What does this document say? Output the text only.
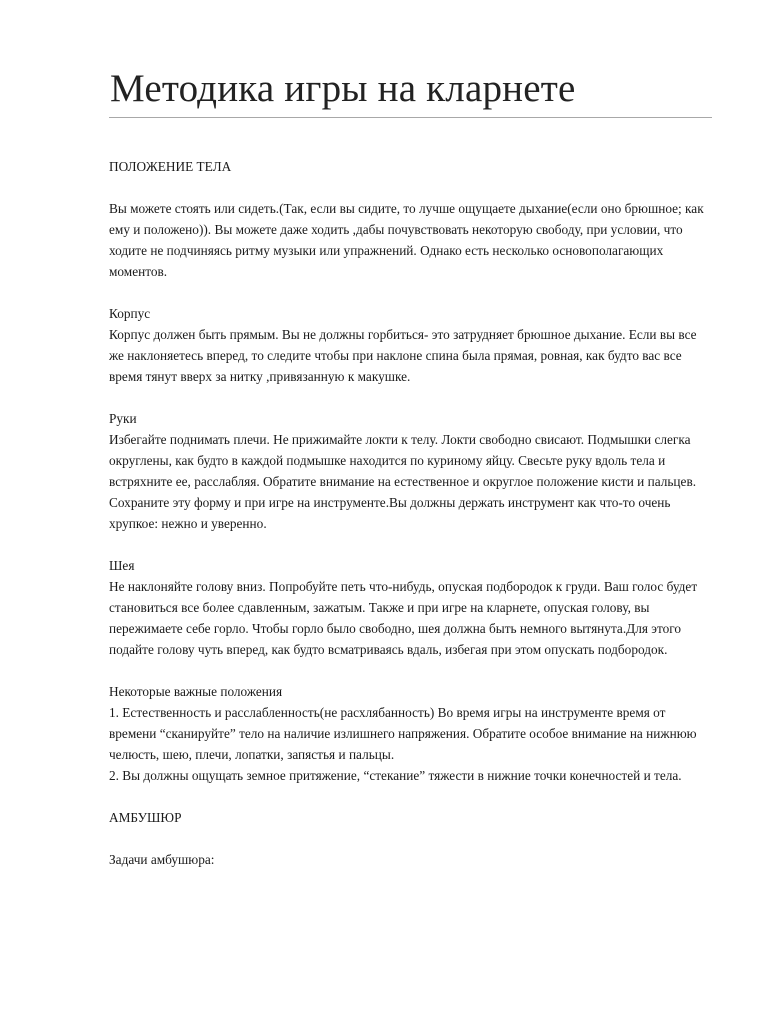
Методика игры на кларнете

ПОЛОЖЕНИЕ ТЕЛА

Вы можете стоять или сидеть.(Так, если вы сидите, то лучше ощущаете дыхание(если оно брюшное; как ему и положено)). Вы можете даже ходить ,дабы почувствовать некоторую свободу, при условии, что ходите не подчиняясь ритму музыки или упражнений. Однако есть несколько основополагающих моментов.

Корпус

Корпус должен быть прямым. Вы не должны горбиться- это затрудняет брюшное дыхание. Если вы все же наклоняетесь вперед, то следите чтобы при наклоне спина была прямая, ровная, как будто вас все время тянут вверх за нитку ,привязанную к макушке.

Руки

Избегайте поднимать плечи. Не прижимайте локти к телу. Локти свободно свисают. Подмышки слегка округлены, как будто в каждой подмышке находится по куриному яйцу. Свесьте руку вдоль тела и встряхните ее, расслабляя. Обратите внимание на естественное и округлое положение кисти и пальцев. Сохраните эту форму и при игре на инструменте.Вы должны держать инструмент как что-то очень хрупкое: нежно и уверенно.

Шея

Не наклоняйте голову вниз. Попробуйте петь что-нибудь, опуская подбородок к груди. Ваш голос будет становиться все более сдавленным, зажатым. Также и при игре на кларнете, опуская голову, вы пережимаете себе горло. Чтобы горло было свободно, шея должна быть немного вытянута.Для этого подайте голову чуть вперед, как будто всматриваясь вдаль, избегая при этом опускать подбородок.

Некоторые важные положения

1. Естественность и расслабленность(не расхлябанность) Во время игры на инструменте время от времени “сканируйте” тело на наличие излишнего напряжения. Обратите особое внимание на нижнюю челюсть, шею, плечи, лопатки, запястья и пальцы.

2. Вы должны ощущать земное притяжение, “стекание” тяжести в нижние точки конечностей и тела.

АМБУШЮР

Задачи амбушюра:
